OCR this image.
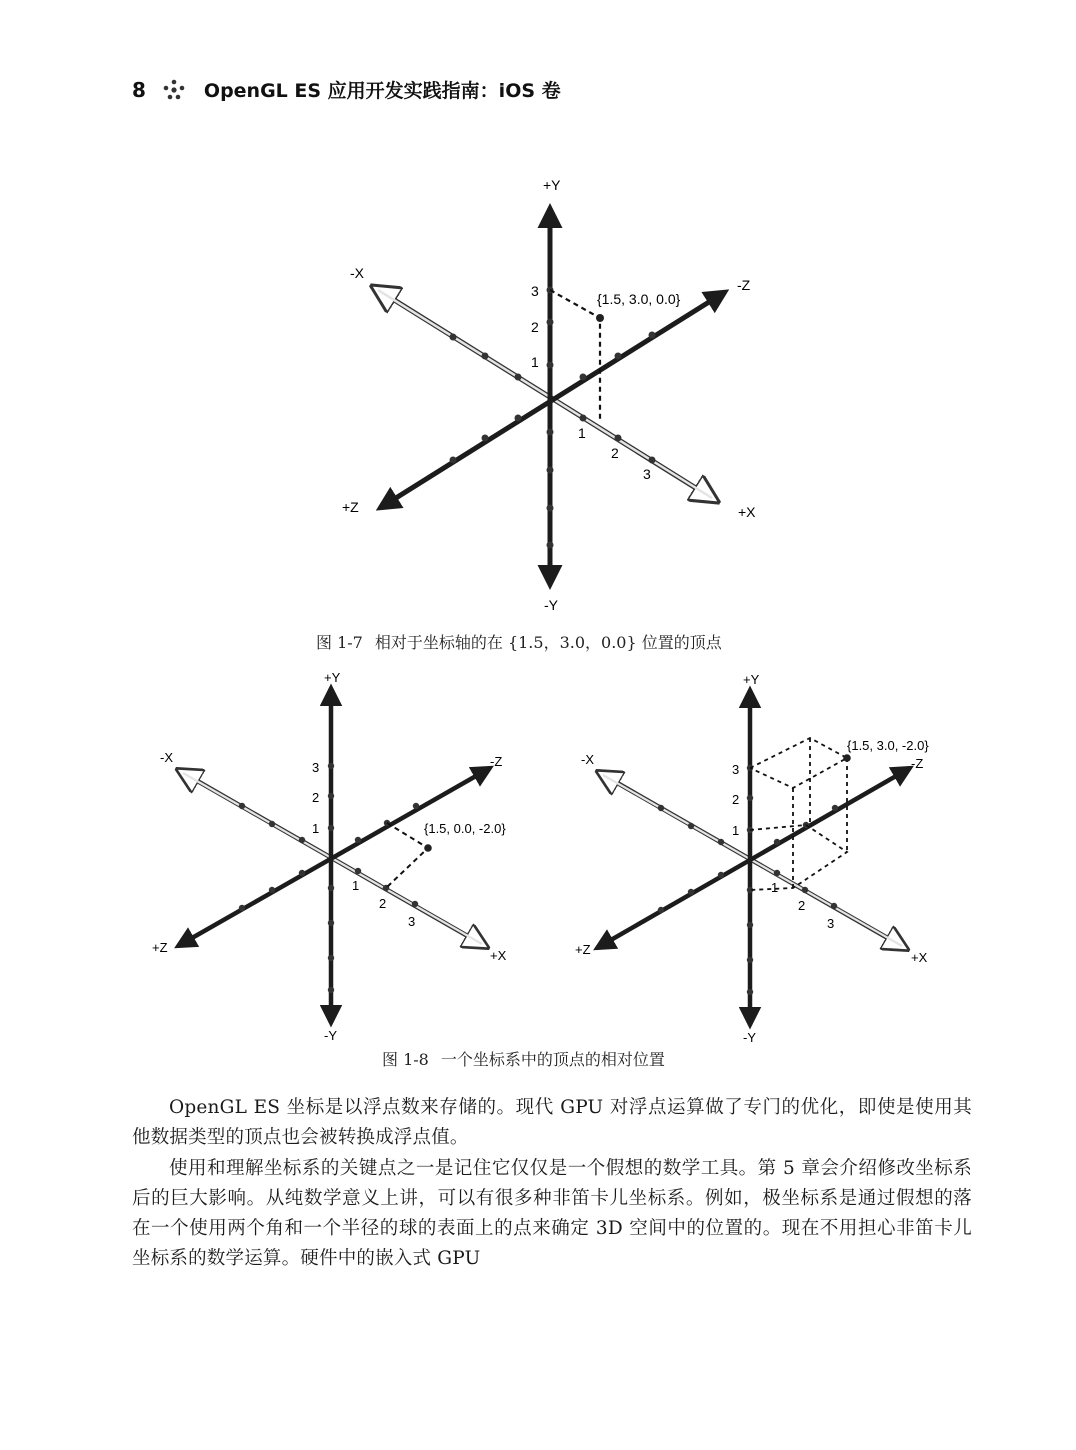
8	OpenGL ES 应用开发实践指南：iOS 卷
+Y
-Y
-X
+X
-Z
+Z
3
2
1
1
2
3
{1.5, 3.0, 0.0}
图 1-7 相对于坐标轴的在 {1.5，3.0，0.0} 位置的顶点
+Y
-Y
-X
+X
-Z
+Z
3
2
1
1
2
3
{1.5, 0.0, -2.0}
+Y
-Y
-X
+X
-Z
+Z
3
2
1
1
2
3
{1.5, 3.0, -2.0}
图 1-8 一个坐标系中的顶点的相对位置

OpenGL ES 坐标是以浮点数来存储的。现代 GPU 对浮点运算做了专门的优化，即使是使用其他数据类型的顶点也会被转换成浮点值。

使用和理解坐标系的关键点之一是记住它仅仅是一个假想的数学工具。第 5 章会介绍修改坐标系后的巨大影响。从纯数学意义上讲，可以有很多种非笛卡儿坐标系。例如，极坐标系是通过假想的落在一个使用两个角和一个半径的球的表面上的点来确定 3D 空间中的位置的。现在不用担心非笛卡儿坐标系的数学运算。硬件中的嵌入式 GPU
